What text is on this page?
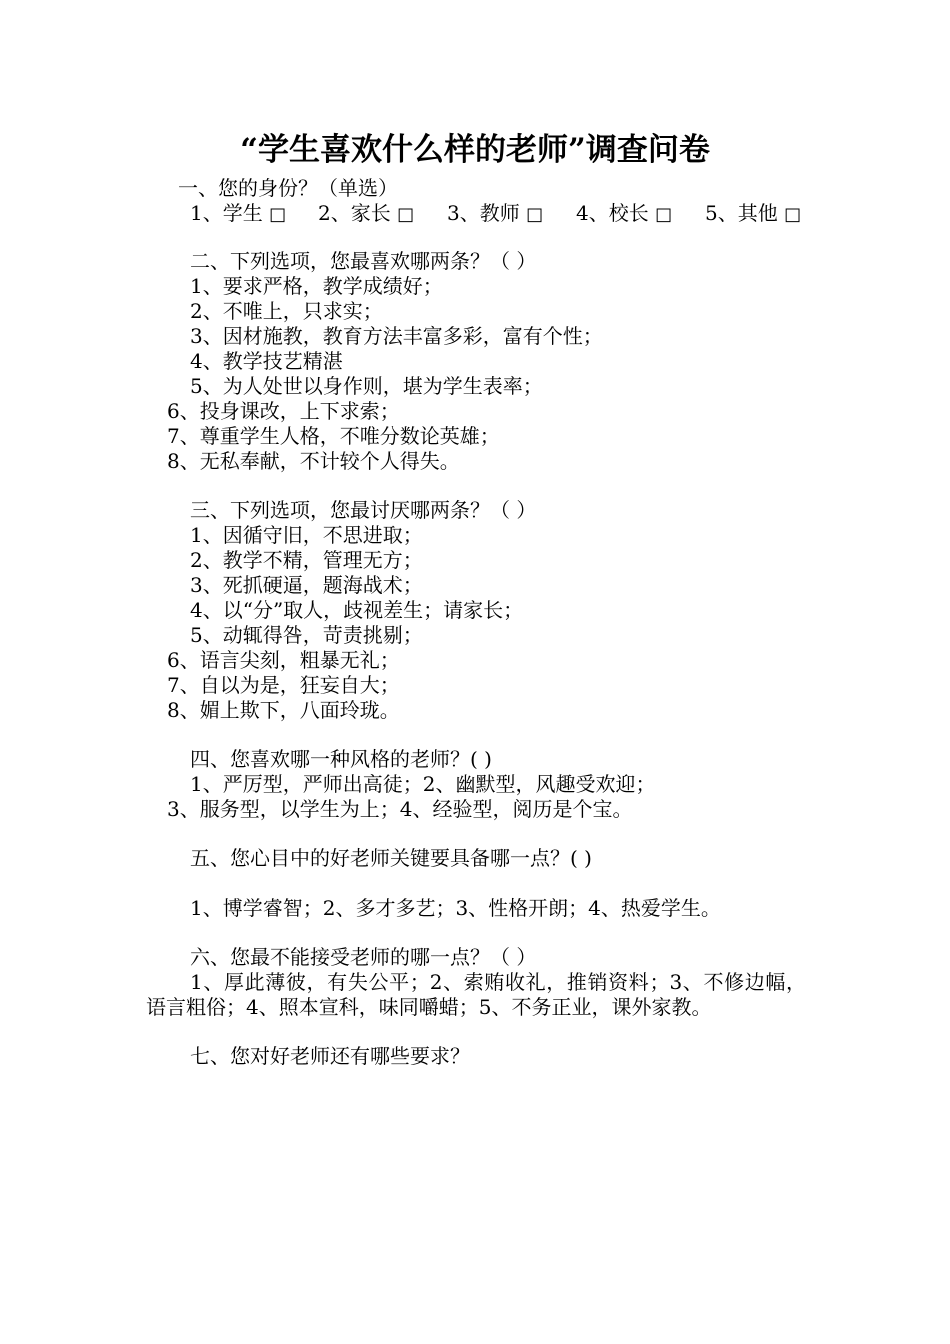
“学生喜欢什么样的老师”调查问卷
一、您的身份？（单选）
1、学生 □ 2、家长 □ 3、教师 □ 4、校长 □ 5、其他 □
二、下列选项，您最喜欢哪两条？（ ）
1、要求严格，教学成绩好；
2、不唯上，只求实；
3、因材施教，教育方法丰富多彩，富有个性；
4、教学技艺精湛
5、为人处世以身作则，堪为学生表率；
6、投身课改，上下求索；
7、尊重学生人格，不唯分数论英雄；
8、无私奉献，不计较个人得失。
三、下列选项，您最讨厌哪两条？（ ）
1、因循守旧，不思进取；
2、教学不精，管理无方；
3、死抓硬逼，题海战术；
4、以“分”取人，歧视差生；请家长；
5、动辄得咎，苛责挑剔；
6、语言尖刻，粗暴无礼；
7、自以为是，狂妄自大；
8、媚上欺下，八面玲珑。
四、您喜欢哪一种风格的老师？( )
1、严厉型，严师出高徒；2、幽默型，风趣受欢迎；
3、服务型，以学生为上；4、经验型，阅历是个宝。
五、您心目中的好老师关键要具备哪一点？( )
1、博学睿智；2、多才多艺；3、性格开朗；4、热爱学生。
六、您最不能接受老师的哪一点？（ ）
1、厚此薄彼，有失公平；2、索贿收礼，推销资料；3、不修边幅，语言粗俗；4、照本宣科，味同嚼蜡；5、不务正业，课外家教。
七、您对好老师还有哪些要求？
